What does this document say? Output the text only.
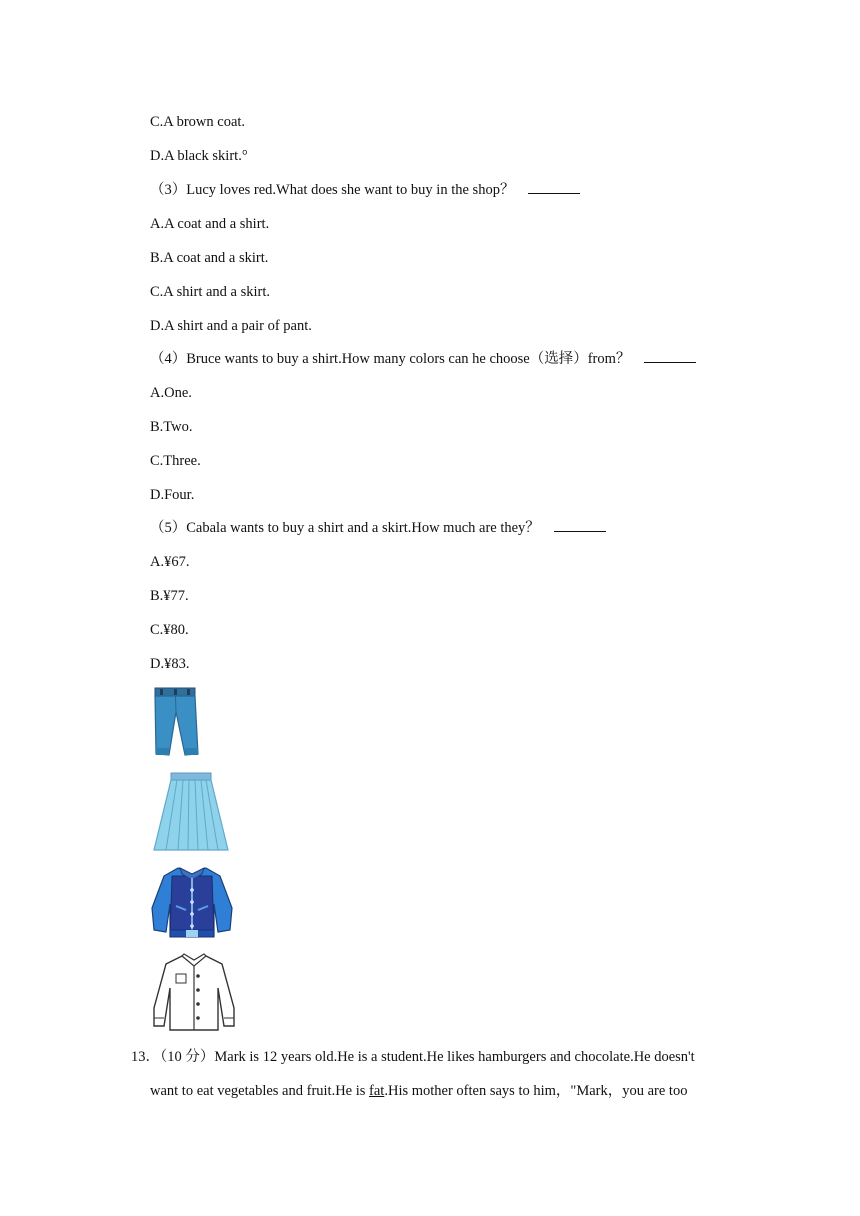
C.A brown coat.
D.A black skirt.°
（3）Lucy loves red.What does she want to buy in the shop？
A.A coat and a shirt.
B.A coat and a skirt.
C.A shirt and a skirt.
D.A shirt and a pair of pant.
（4）Bruce wants to buy a shirt.How many colors can he choose（选择）from？
A.One.
B.Two.
C.Three.
D.Four.
（5）Cabala wants to buy a shirt and a skirt.How much are they？
A.¥67.
B.¥77.
C.¥80.
D.¥83.
13．（10 分）Mark is 12 years old.He is a student.He likes hamburgers and chocolate.He doesn't
want to eat vegetables and fruit.He is fat.His mother often says to him，"Mark，you are too
